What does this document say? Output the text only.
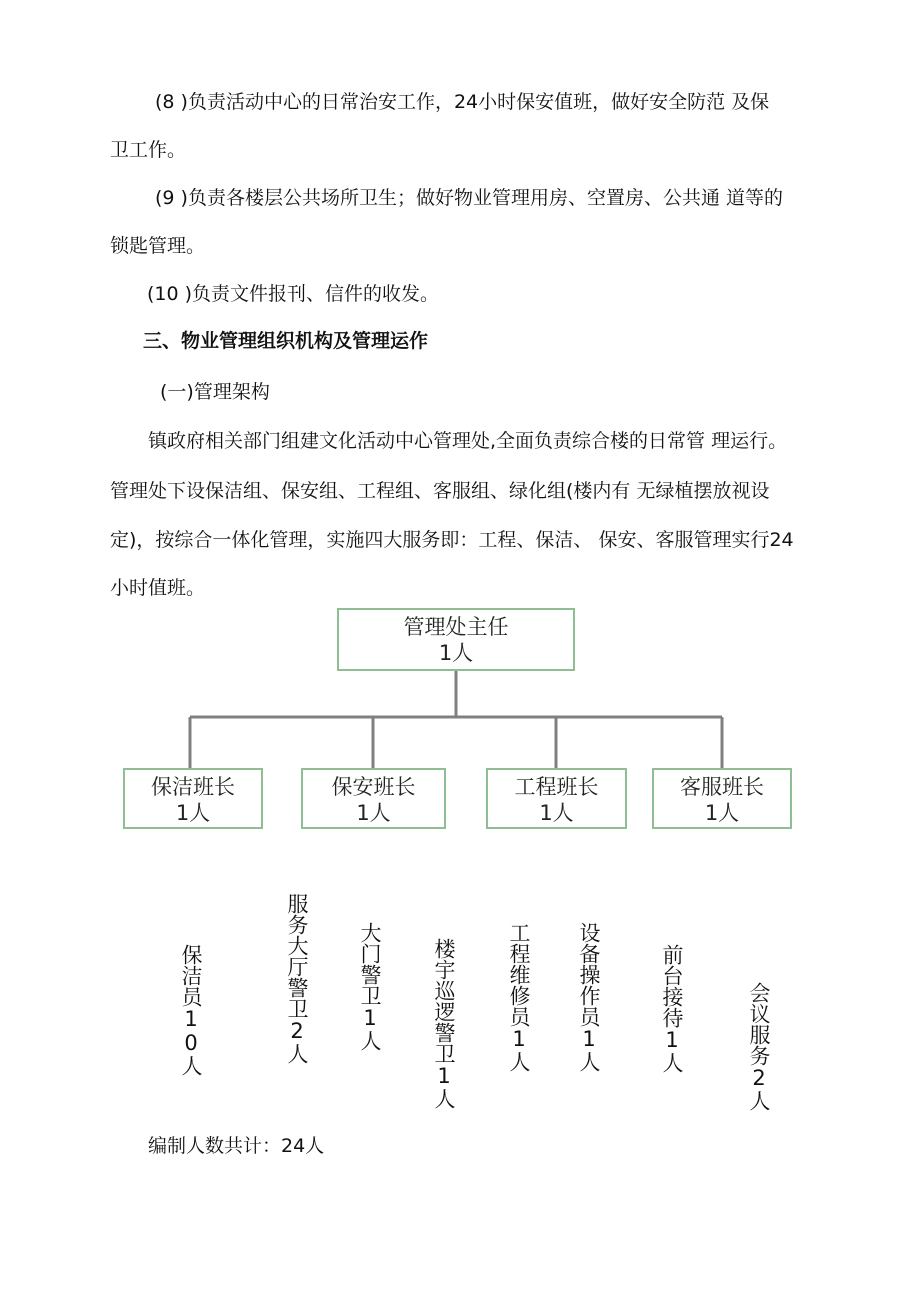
(8 )负责活动中心的日常治安工作，24小时保安值班，做好安全防范 及保
卫工作。
(9 )负责各楼层公共场所卫生；做好物业管理用房、空置房、公共通 道等的
锁匙管理。
(10 )负责文件报刊、信件的收发。
三、物业管理组织机构及管理运作
(一)管理架构
镇政府相关部门组建文化活动中心管理处,全面负责综合楼的日常管 理运行。
管理处下设保洁组、保安组、工程组、客服组、绿化组(楼内有 无绿植摆放视设
定)，按综合一体化管理，实施四大服务即：工程、保洁、 保安、客服管理实行24
小时值班。
管理处主任
1人
保洁班长
1人
保安班长
1人
工程班长
1人
客服班长
1人
保洁员10人	服务大厅警卫2人 大门警卫1人 楼宇巡逻警卫1人 工程维修员1人 设备操作员1人	前台接待1人	会议服务2人
编制人数共计：24人
